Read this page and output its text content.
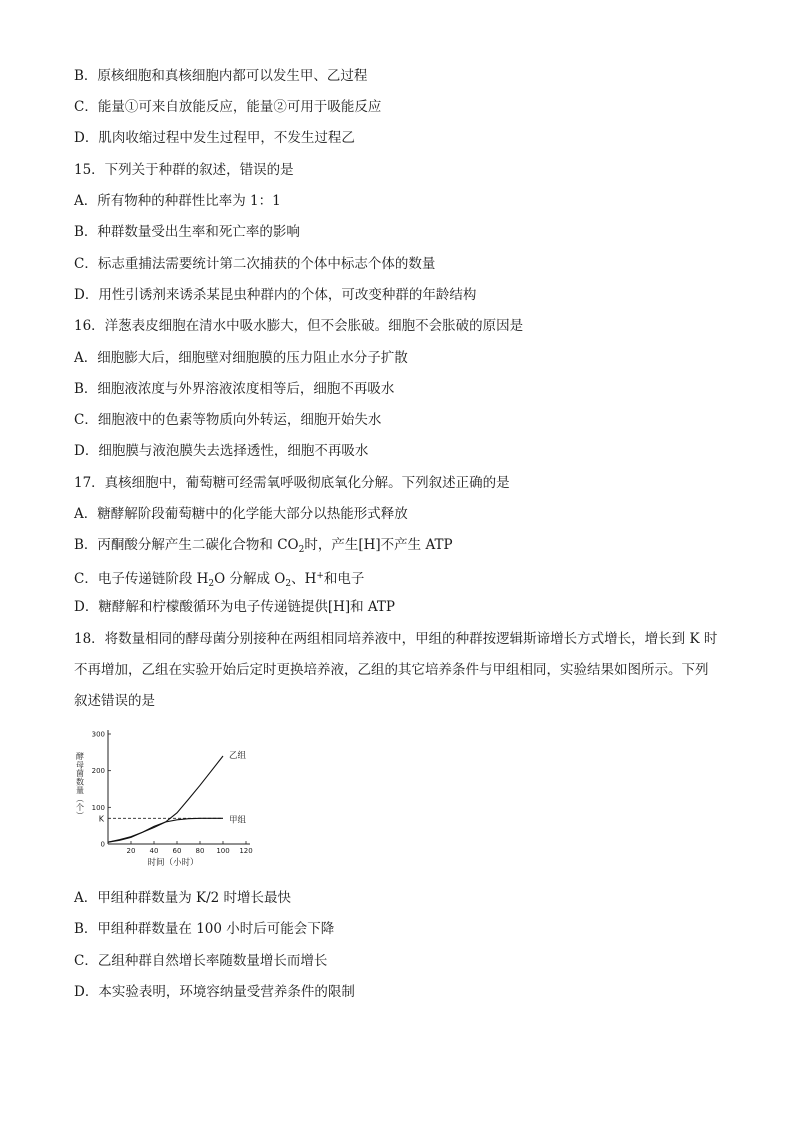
B．原核细胞和真核细胞内都可以发生甲、乙过程
C．能量①可来自放能反应，能量②可用于吸能反应
D．肌肉收缩过程中发生过程甲，不发生过程乙
15．下列关于种群的叙述，错误的是
A．所有物种的种群性比率为 1：1
B．种群数量受出生率和死亡率的影响
C．标志重捕法需要统计第二次捕获的个体中标志个体的数量
D．用性引诱剂来诱杀某昆虫种群内的个体，可改变种群的年龄结构
16．洋葱表皮细胞在清水中吸水膨大，但不会胀破。细胞不会胀破的原因是
A．细胞膨大后，细胞壁对细胞膜的压力阻止水分子扩散
B．细胞液浓度与外界溶液浓度相等后，细胞不再吸水
C．细胞液中的色素等物质向外转运，细胞开始失水
D．细胞膜与液泡膜失去选择透性，细胞不再吸水
17．真核细胞中，葡萄糖可经需氧呼吸彻底氧化分解。下列叙述正确的是
A．糖酵解阶段葡萄糖中的化学能大部分以热能形式释放
B．丙酮酸分解产生二碳化合物和 $CO_2$时，产生[H]不产生 ATP
C．电子传递链阶段 $H_2O$ 分解成 $O_2$、H+和电子
D．糖酵解和柠檬酸循环为电子传递链提供[H]和 ATP
18．将数量相同的酵母菌分别接种在两组相同培养液中，甲组的种群按逻辑斯谛增长方式增长，增长到 K 时
不再增加，乙组在实验开始后定时更换培养液，乙组的其它培养条件与甲组相同，实验结果如图所示。下列
叙述错误的是
0
100
200
300
20 40 60 80 100 120
K
乙组
甲组
酵母菌数量（个）
时间（小时）
A．甲组种群数量为 K/2 时增长最快
B．甲组种群数量在 100 小时后可能会下降
C．乙组种群自然增长率随数量增长而增长
D．本实验表明，环境容纳量受营养条件的限制
